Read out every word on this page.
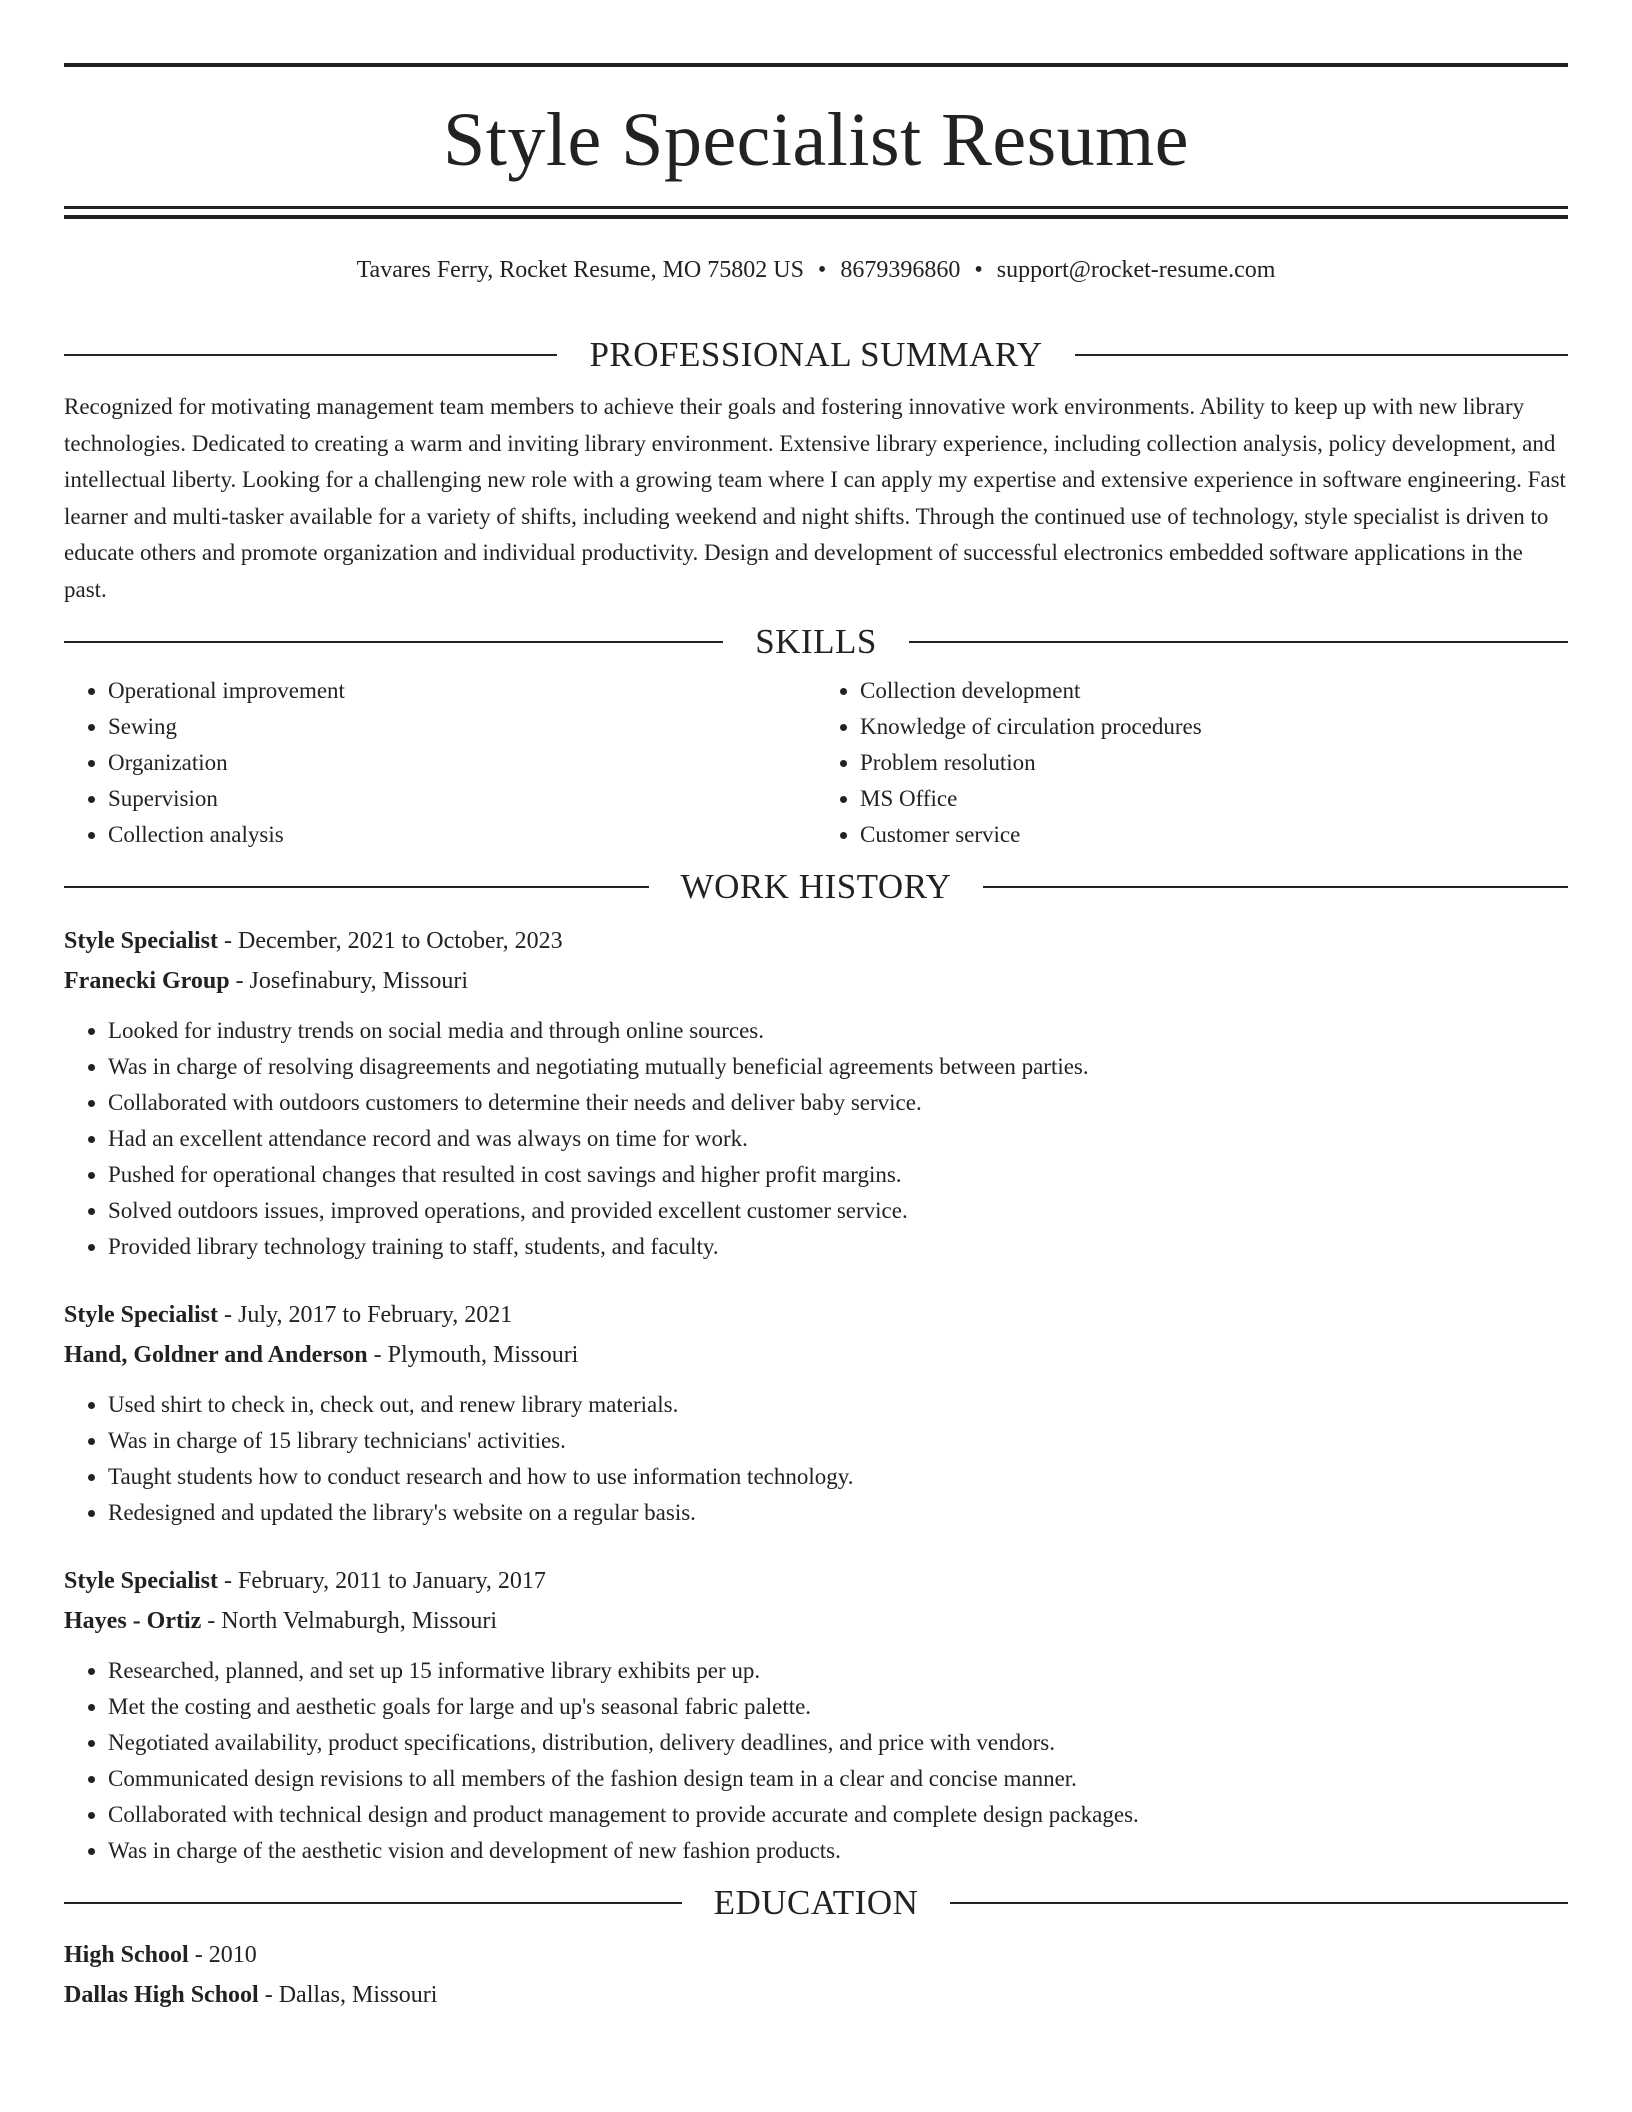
Style Specialist Resume
Tavares Ferry, Rocket Resume, MO 75802 US • 8679396860 • support@rocket-resume.com
PROFESSIONAL SUMMARY

Recognized for motivating management team members to achieve their goals and fostering innovative work environments. Ability to keep up with new library technologies. Dedicated to creating a warm and inviting library environment. Extensive library experience, including collection analysis, policy development, and intellectual liberty. Looking for a challenging new role with a growing team where I can apply my expertise and extensive experience in software engineering. Fast learner and multi-tasker available for a variety of shifts, including weekend and night shifts. Through the continued use of technology, style specialist is driven to educate others and promote organization and individual productivity. Design and development of successful electronics embedded software applications in the past.

SKILLS
• Operational improvement
• Sewing
• Organization
• Supervision
• Collection analysis
• Collection development
• Knowledge of circulation procedures
• Problem resolution
• MS Office
• Customer service
WORK HISTORY
Style Specialist - December, 2021 to October, 2023
Franecki Group - Josefinabury, Missouri
• Looked for industry trends on social media and through online sources.
• Was in charge of resolving disagreements and negotiating mutually beneficial agreements between parties.
• Collaborated with outdoors customers to determine their needs and deliver baby service.
• Had an excellent attendance record and was always on time for work.
• Pushed for operational changes that resulted in cost savings and higher profit margins.
• Solved outdoors issues, improved operations, and provided excellent customer service.
• Provided library technology training to staff, students, and faculty.
Style Specialist - July, 2017 to February, 2021
Hand, Goldner and Anderson - Plymouth, Missouri
• Used shirt to check in, check out, and renew library materials.
• Was in charge of 15 library technicians' activities.
• Taught students how to conduct research and how to use information technology.
• Redesigned and updated the library's website on a regular basis.
Style Specialist - February, 2011 to January, 2017
Hayes - Ortiz - North Velmaburgh, Missouri
• Researched, planned, and set up 15 informative library exhibits per up.
• Met the costing and aesthetic goals for large and up's seasonal fabric palette.
• Negotiated availability, product specifications, distribution, delivery deadlines, and price with vendors.
• Communicated design revisions to all members of the fashion design team in a clear and concise manner.
• Collaborated with technical design and product management to provide accurate and complete design packages.
• Was in charge of the aesthetic vision and development of new fashion products.
EDUCATION
High School - 2010
Dallas High School - Dallas, Missouri
